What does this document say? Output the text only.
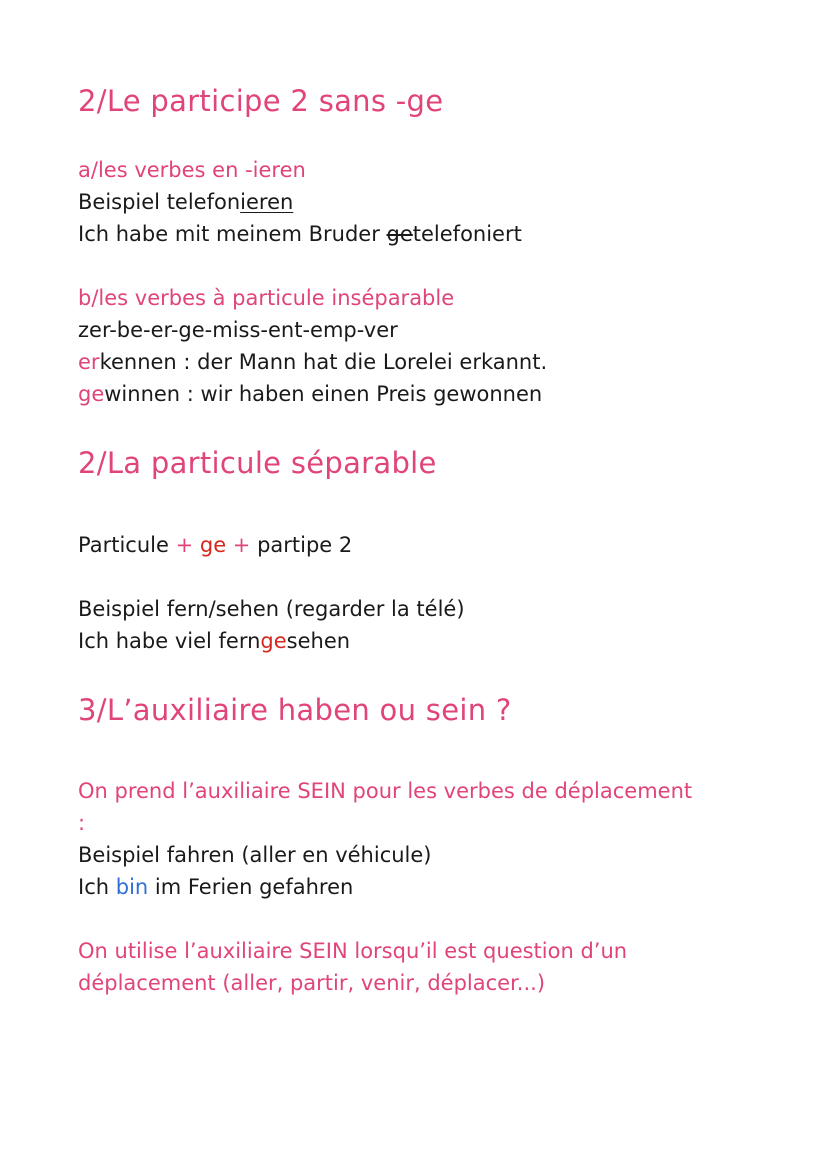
2/Le participe 2 sans -ge
a/les verbes en -ieren
Beispiel telefonieren
Ich habe mit meinem Bruder getelefoniert
b/les verbes à particule inséparable
zer-be-er-ge-miss-ent-emp-ver
erkennen : der Mann hat die Lorelei erkannt.
gewinnen : wir haben einen Preis gewonnen
2/La particule séparable
Particule + ge + partipe 2
Beispiel fern/sehen (regarder la télé)
Ich habe viel ferngesehen
3/L’auxiliaire haben ou sein ?
On prend l’auxiliaire SEIN pour les verbes de déplacement
:
Beispiel fahren (aller en véhicule)
Ich bin im Ferien gefahren
On utilise l’auxiliaire SEIN lorsqu’il est question d’un
déplacement (aller, partir, venir, déplacer...)
